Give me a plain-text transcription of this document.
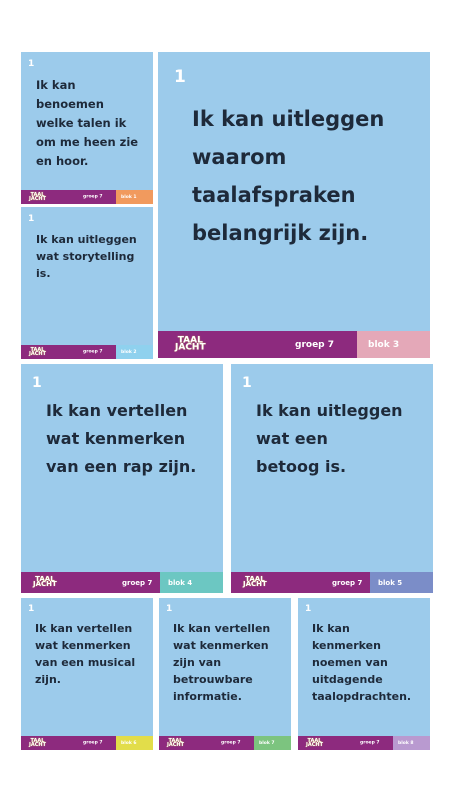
1
Ik kan
benoemen
welke talen ik
om me heen zie
en hoor.
TAAL
JACHT	groep 7	blok 1
1
Ik kan uitleggen
wat storytelling
is.
TAAL
JACHT	groep 7	blok 2
1
Ik kan uitleggen
waarom
taalafspraken
belangrijk zijn.
TAAL
JACHT	groep 7	blok 3
1
Ik kan vertellen
wat kenmerken
van een rap zijn.
TAAL
JACHT	groep 7	blok 4
1
Ik kan uitleggen
wat een
betoog is.
TAAL
JACHT	groep 7	blok 5
1
Ik kan vertellen
wat kenmerken
van een musical
zijn.
TAAL
JACHT	groep 7	blok 6
1
Ik kan vertellen
wat kenmerken
zijn van
betrouwbare
informatie.
TAAL
JACHT	groep 7	blok 7
1
Ik kan
kenmerken
noemen van
uitdagende
taalopdrachten.
TAAL
JACHT	groep 7	blok 8
